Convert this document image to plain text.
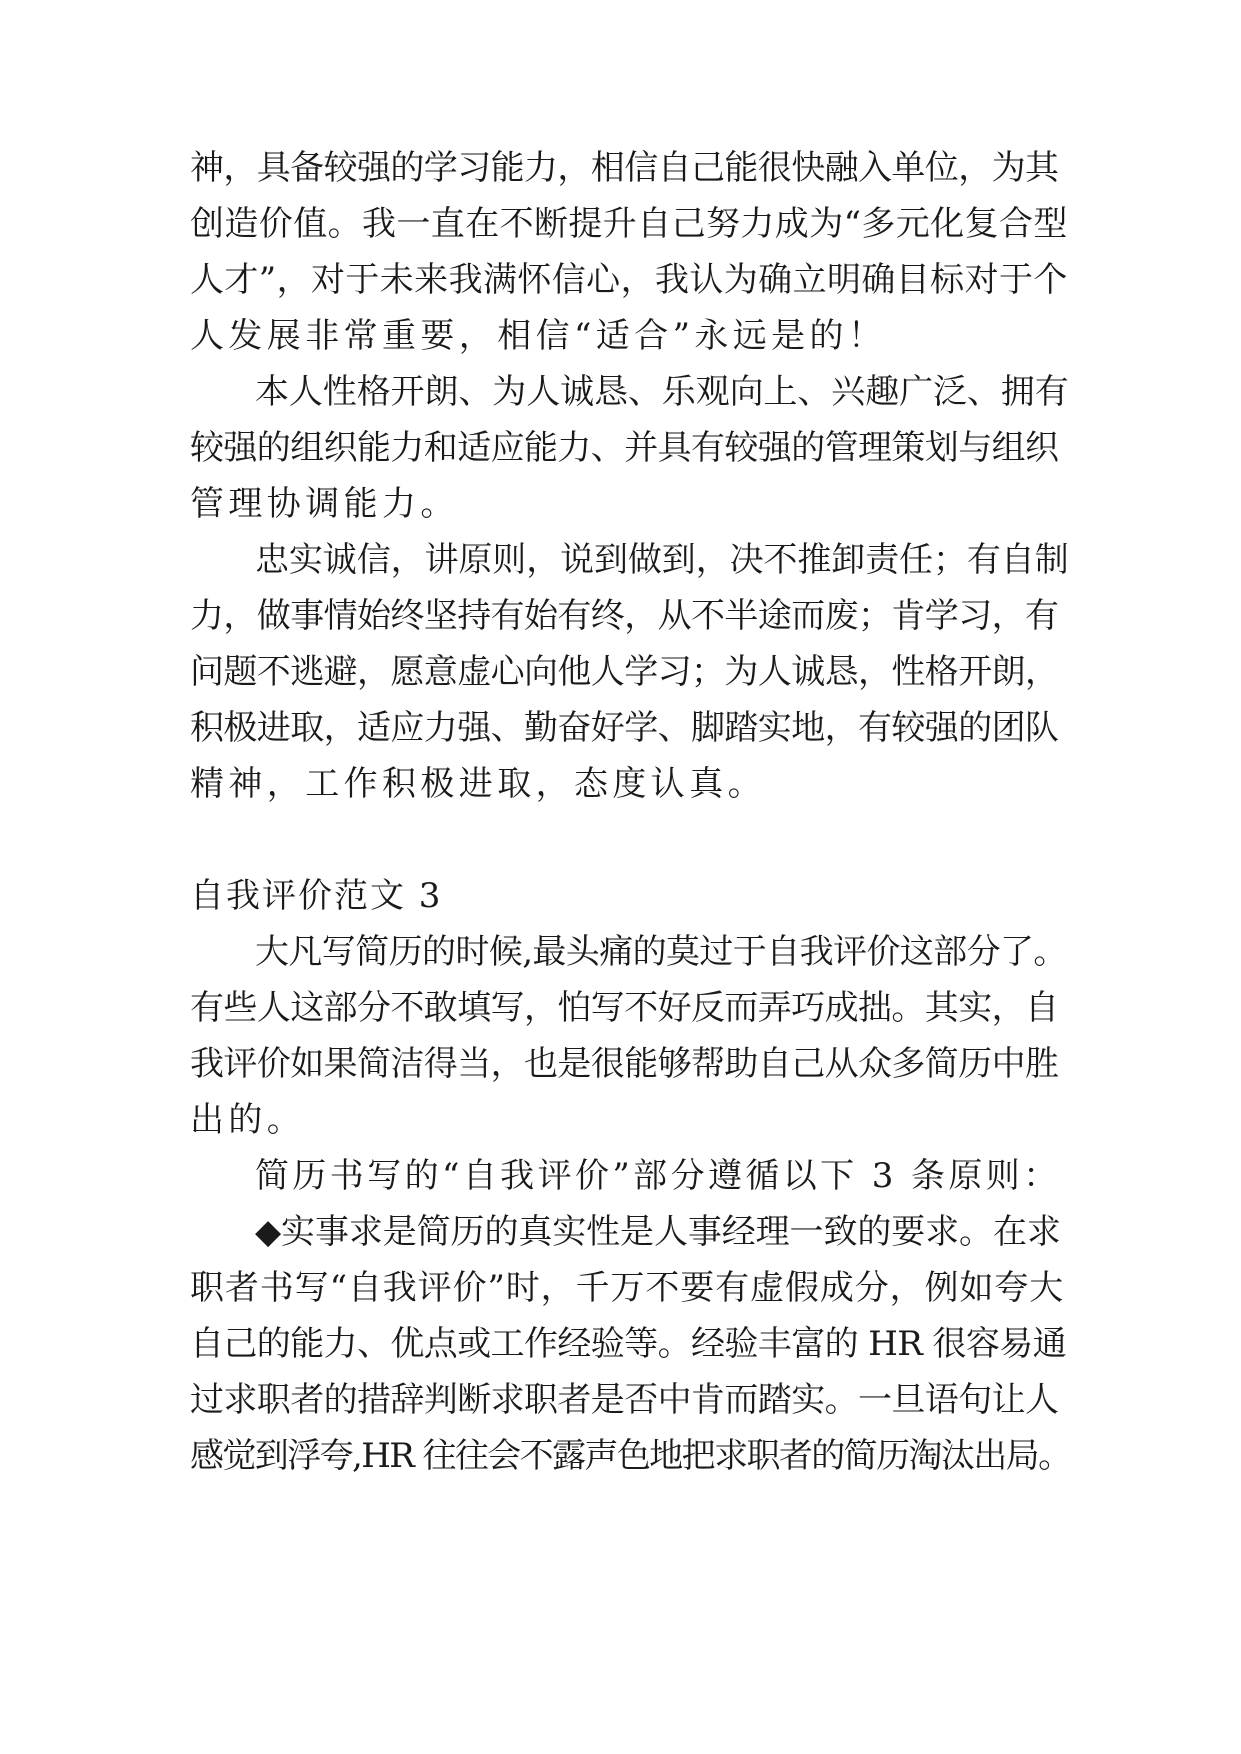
神，具备较强的学习能力，相信自己能很快融入单位，为其
创造价值。我一直在不断提升自己努力成为“多元化复合型
人才”，对于未来我满怀信心，我认为确立明确目标对于个
人发展非常重要，相信“适合”永远是的！
本人性格开朗、为人诚恳、乐观向上、兴趣广泛、拥有
较强的组织能力和适应能力、并具有较强的管理策划与组织
管理协调能力。
忠实诚信，讲原则，说到做到，决不推卸责任；有自制
力，做事情始终坚持有始有终，从不半途而废；肯学习，有
问题不逃避，愿意虚心向他人学习；为人诚恳，性格开朗，
积极进取，适应力强、勤奋好学、脚踏实地，有较强的团队
精神，工作积极进取，态度认真。
自我评价范文 3
大凡写简历的时候,最头痛的莫过于自我评价这部分了。
有些人这部分不敢填写，怕写不好反而弄巧成拙。其实，自
我评价如果简洁得当，也是很能够帮助自己从众多简历中胜
出的。
简历书写的“自我评价”部分遵循以下 3 条原则：
◆实事求是简历的真实性是人事经理一致的要求。在求
职者书写“自我评价”时，千万不要有虚假成分，例如夸大
自己的能力、优点或工作经验等。经验丰富的 HR 很容易通
过求职者的措辞判断求职者是否中肯而踏实。一旦语句让人
感觉到浮夸,HR 往往会不露声色地把求职者的简历淘汰出局。
